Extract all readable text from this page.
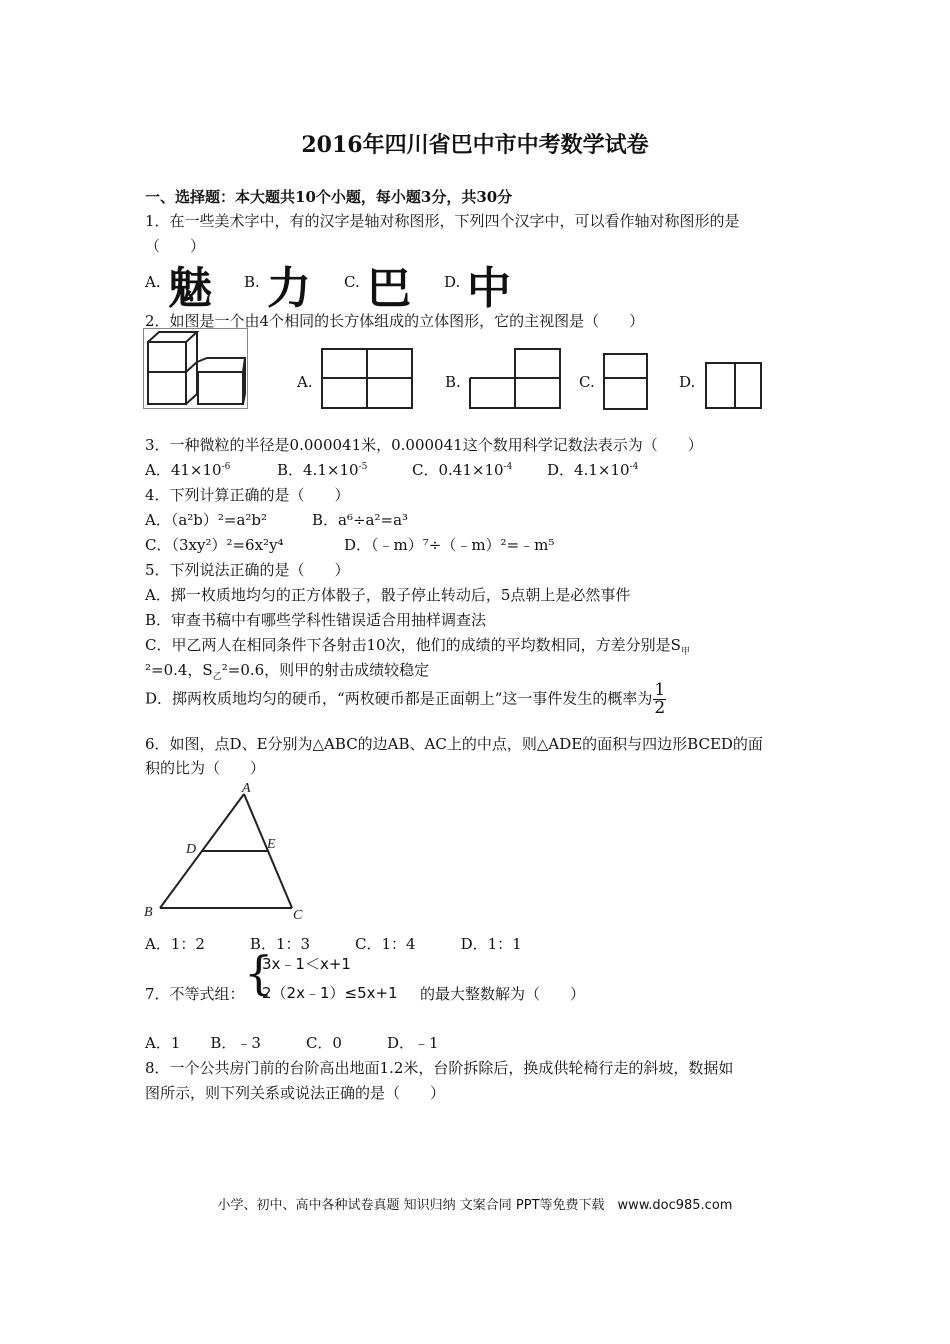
2016年四川省巴中市中考数学试卷
一、选择题：本大题共10个小题，每小题3分，共30分
1．在一些美术字中，有的汉字是轴对称图形，下列四个汉字中，可以看作轴对称图形的是
（　　）
A. 魅 B. 力 C. 巴 D. 中
2．如图是一个由4个相同的长方体组成的立体图形，它的主视图是（　　）
A.	B.	C.	D.
3．一种微粒的半径是0.000041米，0.000041这个数用科学记数法表示为（　　）
A．$41\times 10^{-6}$	B．$4.1\times 10^{-5}$	C．$0.41\times 10^{-4}$ D．$4.1\times 10^{-4}$
4．下列计算正确的是（　　）
A．（a²b）²=a²b²	B．a⁶÷a²=a³
C．（3xy²）²=6x²y⁴	D．（﹣m）⁷÷（﹣m）²=﹣m⁵
5．下列说法正确的是（　　）
A．掷一枚质地均匀的正方体骰子，骰子停止转动后，5点朝上是必然事件
B．审查书稿中有哪些学科性错误适合用抽样调查法
C．甲乙两人在相同条件下各射击10次，他们的成绩的平均数相同，方差分别是$S_甲$
²=0.4，$S_乙^2=0.6$，则甲的射击成绩较稳定
D．掷两枚质地均匀的硬币，“两枚硬币都是正面朝上”这一事件发生的概率为 $\frac{1}{2}$
6．如图，点D、E分别为△ABC的边AB、AC上的中点，则△ADE的面积与四边形BCED的面
积的比为（　　）
A
B	C
D	E
A．1：2　　　B．1：3　　　C．1：4　　　D．1：1
7．不等式组： {
3x﹣1＜x+1
2（2x﹣1）≤5x+1 的最大整数解为（　　）
A．1　　B．﹣3　　　C．0　　　D．﹣1
8．一个公共房门前的台阶高出地面1.2米，台阶拆除后，换成供轮椅行走的斜坡，数据如
图所示，则下列关系或说法正确的是（　　）
小学、初中、高中各种试卷真题 知识归纳 文案合同 PPT等免费下载　www.doc985.com
